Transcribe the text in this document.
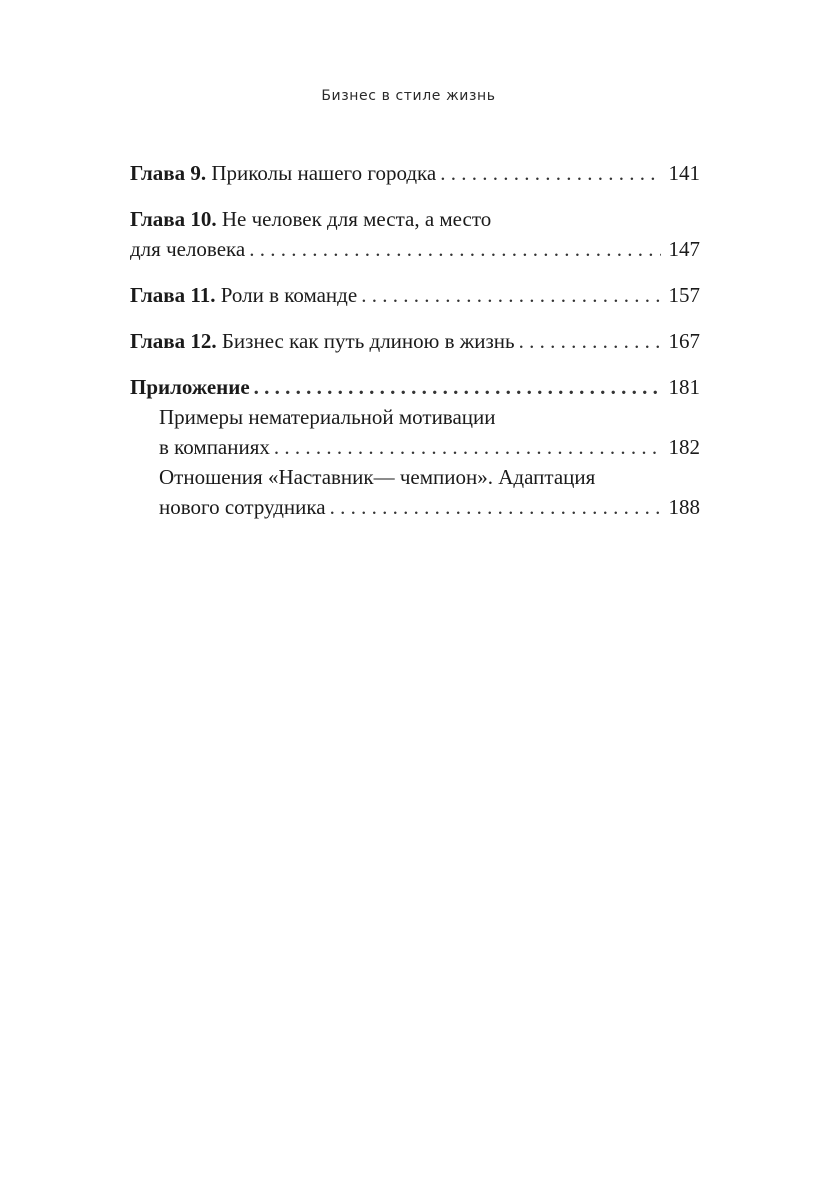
Бизнес в стиле жизнь
Глава 9. Приколы нашего городка . . .	141
Глава 10. Не человек для места, а место
для человека . . .	147
Глава 11. Роли в команде . . .	157
Глава 12. Бизнес как путь длиною в жизнь . . .	167
Приложение . . .	181
Примеры нематериальной мотивации
в компаниях . . .	182
Отношения «Наставник— чемпион». Адаптация
нового сотрудника . . .	188
